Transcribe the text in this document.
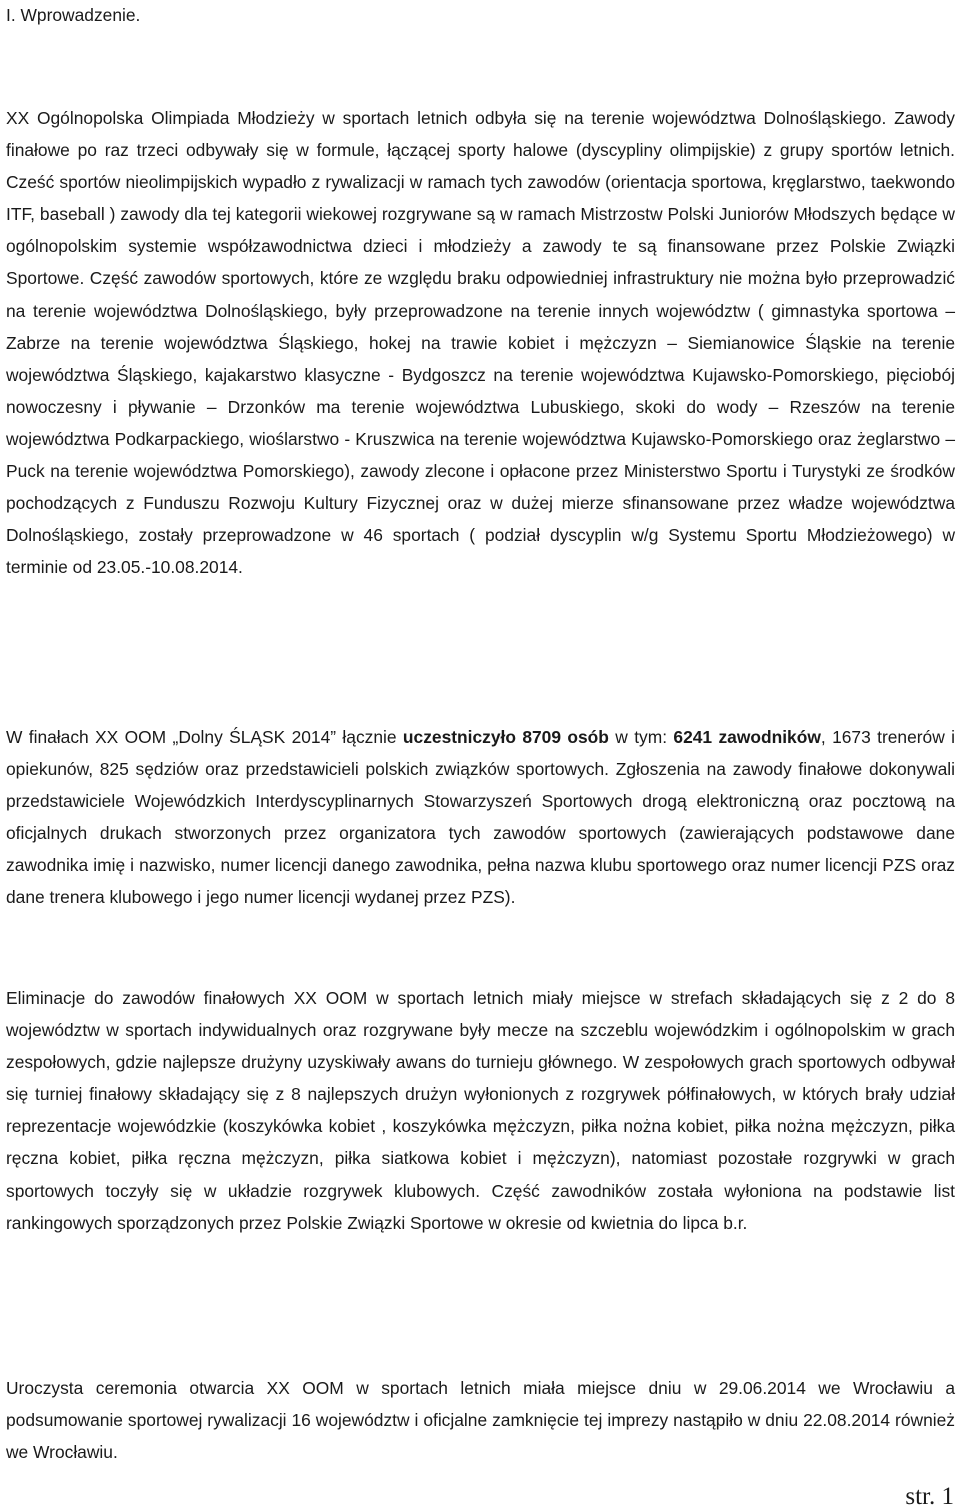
I. Wprowadzenie.

XX Ogólnopolska Olimpiada Młodzieży w sportach letnich odbyła się na terenie województwa Dolnośląskiego. Zawody finałowe po raz trzeci odbywały się w formule, łączącej sporty halowe (dyscypliny olimpijskie) z grupy sportów letnich. Cześć sportów nieolimpijskich wypadło z rywalizacji w ramach tych zawodów (orientacja sportowa, kręglarstwo, taekwondo ITF, baseball ) zawody dla tej kategorii wiekowej rozgrywane są w ramach Mistrzostw Polski Juniorów Młodszych będące w ogólnopolskim systemie współzawodnictwa dzieci i młodzieży a zawody te są finansowane przez Polskie Związki Sportowe. Część zawodów sportowych, które ze względu braku odpowiedniej infrastruktury nie można było przeprowadzić na terenie województwa Dolnośląskiego, były przeprowadzone na terenie innych województw ( gimnastyka sportowa – Zabrze na terenie województwa Śląskiego, hokej na trawie kobiet i mężczyzn – Siemianowice Śląskie na terenie województwa Śląskiego, kajakarstwo klasyczne - Bydgoszcz na terenie województwa Kujawsko-Pomorskiego, pięciobój nowoczesny i pływanie – Drzonków ma terenie województwa Lubuskiego, skoki do wody – Rzeszów na terenie województwa Podkarpackiego, wioślarstwo - Kruszwica na terenie województwa Kujawsko-Pomorskiego oraz żeglarstwo – Puck na terenie województwa Pomorskiego), zawody zlecone i opłacone przez Ministerstwo Sportu i Turystyki ze środków pochodzących z Funduszu Rozwoju Kultury Fizycznej oraz w dużej mierze sfinansowane przez władze województwa Dolnośląskiego, zostały przeprowadzone w 46 sportach ( podział dyscyplin w/g Systemu Sportu Młodzieżowego) w terminie od 23.05.-10.08.2014.

W finałach XX OOM „Dolny ŚLĄSK 2014” łącznie uczestniczyło 8709 osób w tym: 6241 zawodników, 1673 trenerów i opiekunów, 825 sędziów oraz przedstawicieli polskich związków sportowych. Zgłoszenia na zawody finałowe dokonywali przedstawiciele Wojewódzkich Interdyscyplinarnych Stowarzyszeń Sportowych drogą elektroniczną oraz pocztową na oficjalnych drukach stworzonych przez organizatora tych zawodów sportowych (zawierających podstawowe dane zawodnika imię i nazwisko, numer licencji danego zawodnika, pełna nazwa klubu sportowego oraz numer licencji PZS oraz dane trenera klubowego i jego numer licencji wydanej przez PZS).

Eliminacje do zawodów finałowych XX OOM w sportach letnich miały miejsce w strefach składających się z 2 do 8 województw w sportach indywidualnych oraz rozgrywane były mecze na szczeblu wojewódzkim i ogólnopolskim w grach zespołowych, gdzie najlepsze drużyny uzyskiwały awans do turnieju głównego. W zespołowych grach sportowych odbywał się turniej finałowy składający się z 8 najlepszych drużyn wyłonionych z rozgrywek półfinałowych, w których brały udział reprezentacje wojewódzkie (koszykówka kobiet , koszykówka mężczyzn, piłka nożna kobiet, piłka nożna mężczyzn, piłka ręczna kobiet, piłka ręczna mężczyzn, piłka siatkowa kobiet i mężczyzn), natomiast pozostałe rozgrywki w grach sportowych toczyły się w układzie rozgrywek klubowych. Część zawodników została wyłoniona na podstawie list rankingowych sporządzonych przez Polskie Związki Sportowe w okresie od kwietnia do lipca b.r.

Uroczysta ceremonia otwarcia XX OOM w sportach letnich miała miejsce dniu w 29.06.2014 we Wrocławiu a podsumowanie sportowej rywalizacji 16 województw i oficjalne zamknięcie tej imprezy nastąpiło w dniu 22.08.2014 również we Wrocławiu.

str. 1
